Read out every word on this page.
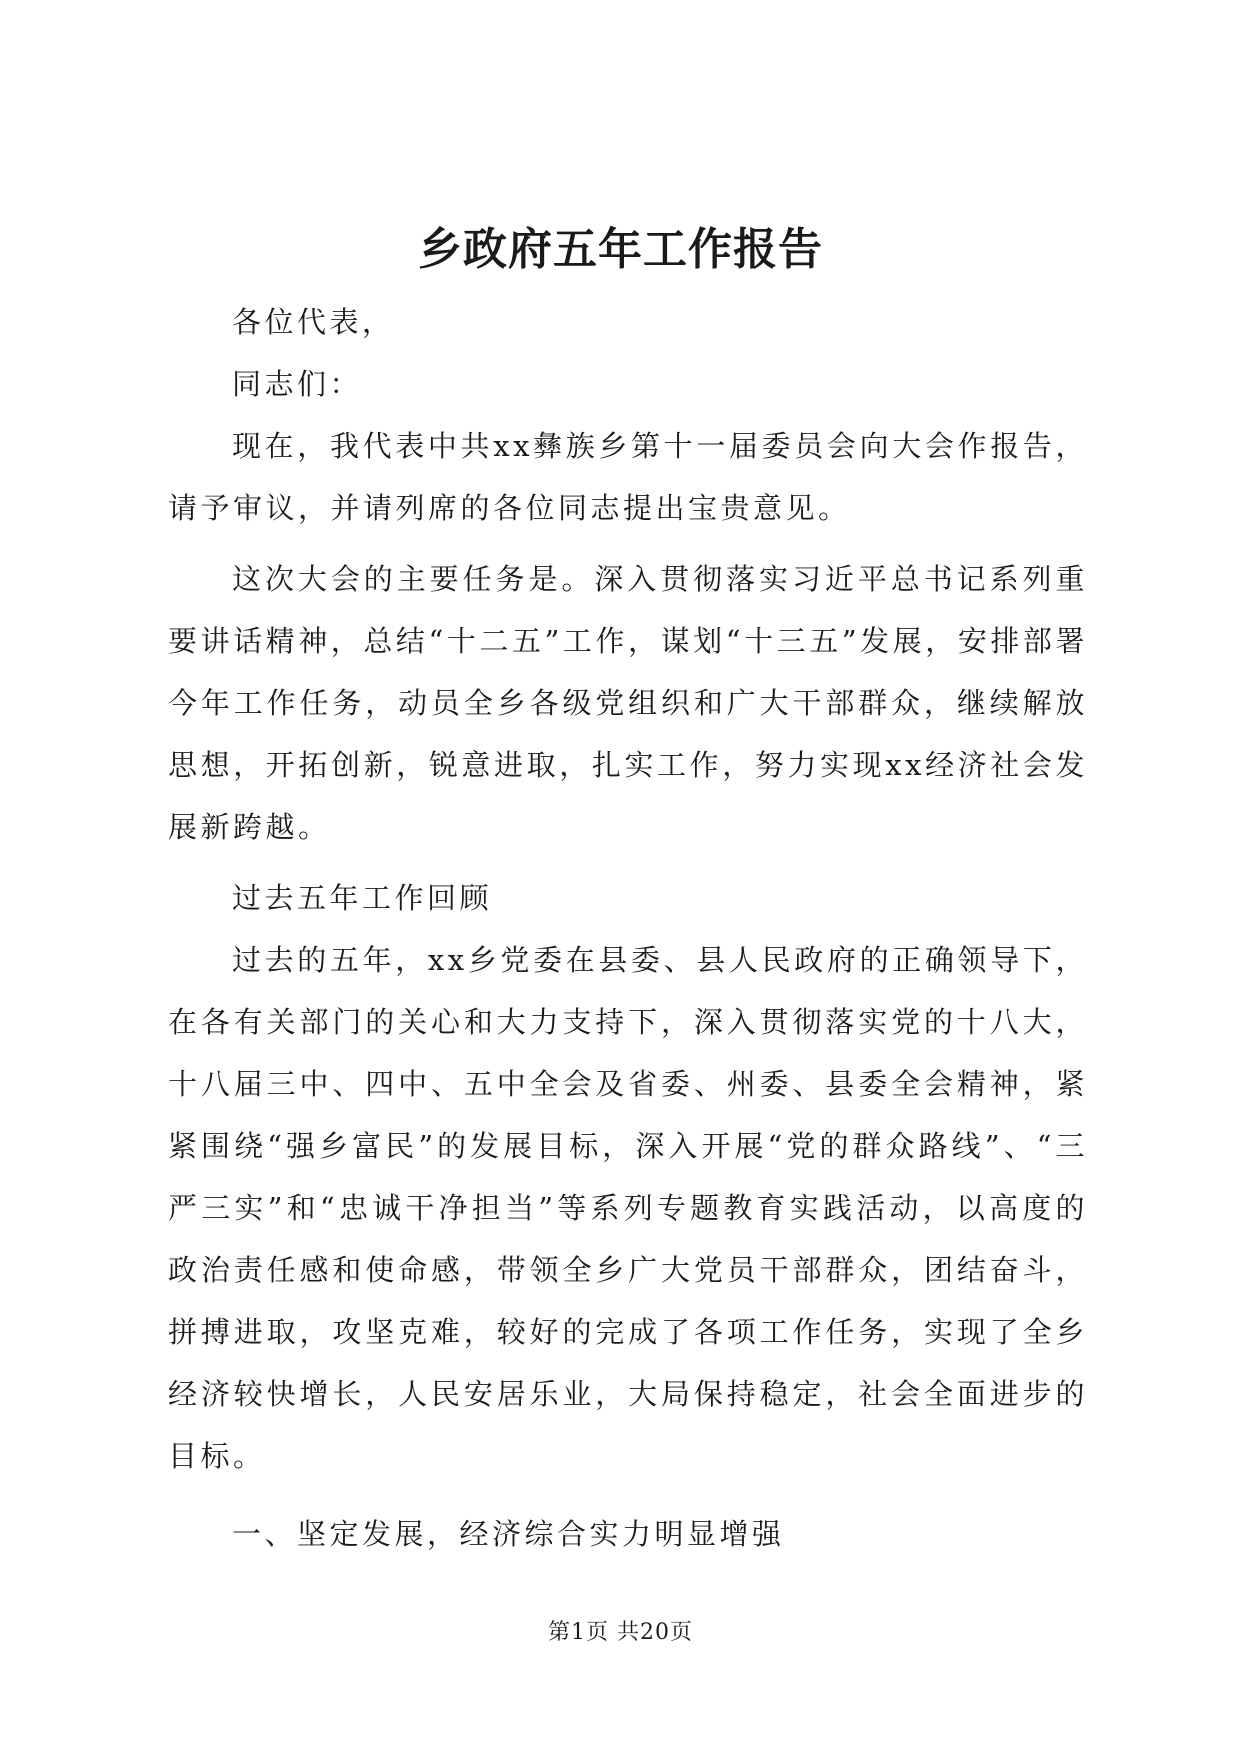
乡政府五年工作报告

各位代表，

同志们：

现在，我代表中共xx彝族乡第十一届委员会向大会作报告，请予审议，并请列席的各位同志提出宝贵意见。

这次大会的主要任务是。深入贯彻落实习近平总书记系列重要讲话精神，总结“十二五”工作，谋划“十三五”发展，安排部署今年工作任务，动员全乡各级党组织和广大干部群众，继续解放思想，开拓创新，锐意进取，扎实工作，努力实现xx经济社会发展新跨越。

过去五年工作回顾

过去的五年，xx乡党委在县委、县人民政府的正确领导下，在各有关部门的关心和大力支持下，深入贯彻落实党的十八大，十八届三中、四中、五中全会及省委、州委、县委全会精神，紧紧围绕“强乡富民”的发展目标，深入开展“党的群众路线”、“三严三实”和“忠诚干净担当”等系列专题教育实践活动，以高度的政治责任感和使命感，带领全乡广大党员干部群众，团结奋斗，拼搏进取，攻坚克难，较好的完成了各项工作任务，实现了全乡经济较快增长，人民安居乐业，大局保持稳定，社会全面进步的目标。

一、坚定发展，经济综合实力明显增强

第1页 共20页
